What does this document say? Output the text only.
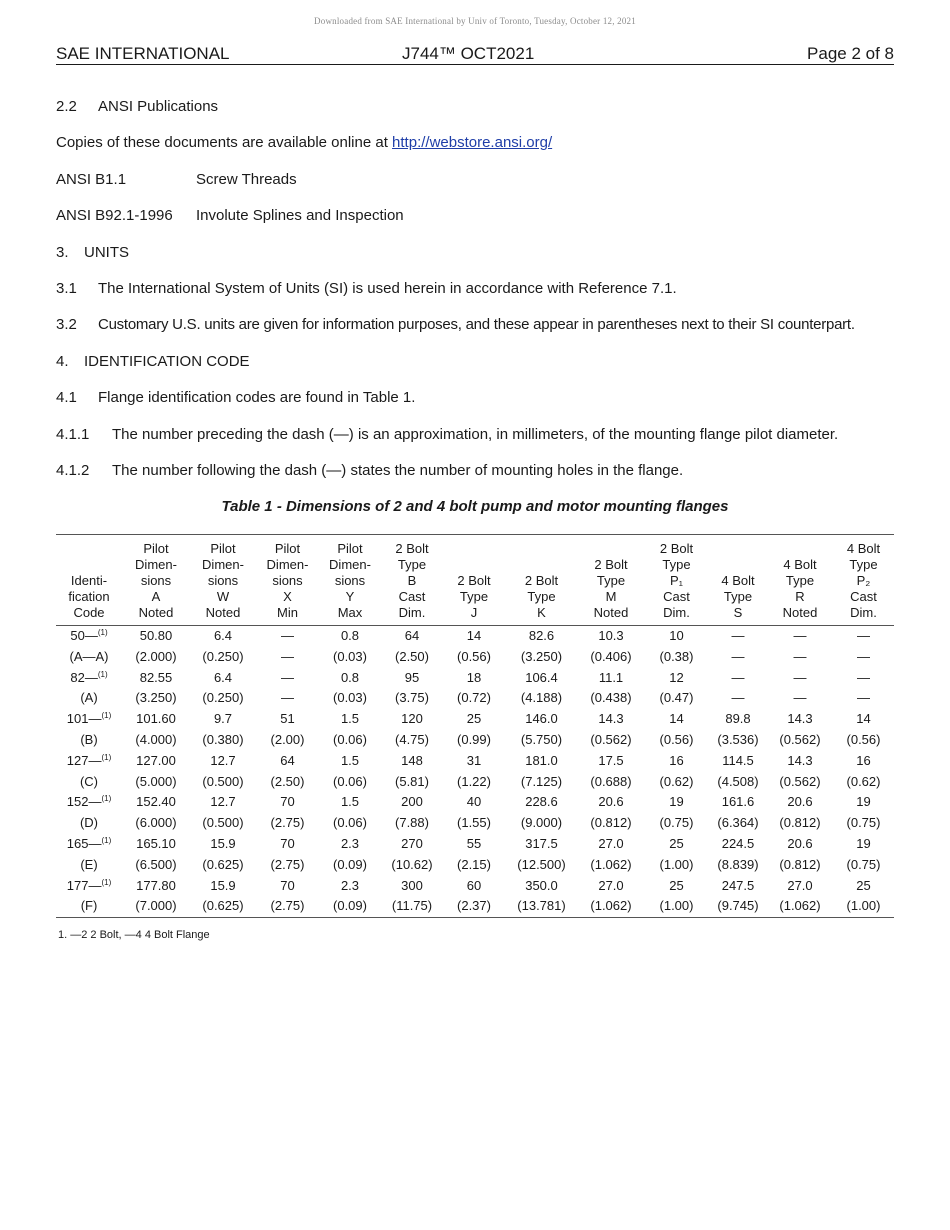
Downloaded from SAE International by Univ of Toronto, Tuesday, October 12, 2021
SAE INTERNATIONAL	J744™ OCT2021	Page 2 of 8
2.2 ANSI Publications
Copies of these documents are available online at http://webstore.ansi.org/
ANSI B1.1	Screw Threads
ANSI B92.1-1996 Involute Splines and Inspection
3. UNITS
3.1 The International System of Units (SI) is used herein in accordance with Reference 7.1.
3.2 Customary U.S. units are given for information purposes, and these appear in parentheses next to their SI counterpart.
4. IDENTIFICATION CODE
4.1 Flange identification codes are found in Table 1.
4.1.1 The number preceding the dash (—) is an approximation, in millimeters, of the mounting flange pilot diameter.
4.1.2 The number following the dash (—) states the number of mounting holes in the flange.
Table 1 - Dimensions of 2 and 4 bolt pump and motor mounting flanges
Identi-
fication
Code	Pilot
Dimen-
sions
A
Noted	Pilot
Dimen-
sions
W
Noted	Pilot
Dimen-
sions
X
Min	Pilot
Dimen-
sions
Y
Max	2 Bolt
Type
B
Cast
Dim.	2 Bolt
Type
J	2 Bolt
Type
K	2 Bolt
Type
M
Noted	2 Bolt
Type
P₁
Cast
Dim.	4 Bolt
Type
S	4 Bolt
Type
R
Noted	4 Bolt
Type
P₂
Cast
Dim.
50—$^{(1)}$	50.80	6.4	—	0.8	64	14	82.6	10.3	10	—	—	—
(A—A)	(2.000)	(0.250)	—	(0.03)	(2.50)	(0.56)	(3.250)	(0.406)	(0.38)	—	—	—
82—$^{(1)}$	82.55	6.4	—	0.8	95	18	106.4	11.1	12	—	—	—
(A)	(3.250)	(0.250)	—	(0.03)	(3.75)	(0.72)	(4.188)	(0.438)	(0.47)	—	—	—
101—$^{(1)}$	101.60	9.7	51	1.5	120	25	146.0	14.3	14	89.8	14.3	14
(B)	(4.000)	(0.380)	(2.00)	(0.06)	(4.75)	(0.99)	(5.750)	(0.562)	(0.56)	(3.536)	(0.562)	(0.56)
127—$^{(1)}$	127.00	12.7	64	1.5	148	31	181.0	17.5	16	114.5	14.3	16
(C)	(5.000)	(0.500)	(2.50)	(0.06)	(5.81)	(1.22)	(7.125)	(0.688)	(0.62)	(4.508)	(0.562)	(0.62)
152—$^{(1)}$	152.40	12.7	70	1.5	200	40	228.6	20.6	19	161.6	20.6	19
(D)	(6.000)	(0.500)	(2.75)	(0.06)	(7.88)	(1.55)	(9.000)	(0.812)	(0.75)	(6.364)	(0.812)	(0.75)
165—$^{(1)}$	165.10	15.9	70	2.3	270	55	317.5	27.0	25	224.5	20.6	19
(E)	(6.500)	(0.625)	(2.75)	(0.09)	(10.62)	(2.15)	(12.500)	(1.062)	(1.00)	(8.839)	(0.812)	(0.75)
177—$^{(1)}$	177.80	15.9	70	2.3	300	60	350.0	27.0	25	247.5	27.0	25
(F)	(7.000)	(0.625)	(2.75)	(0.09)	(11.75)	(2.37)	(13.781)	(1.062)	(1.00)	(9.745)	(1.062)	(1.00)
1. —2 2 Bolt, —4 4 Bolt Flange
